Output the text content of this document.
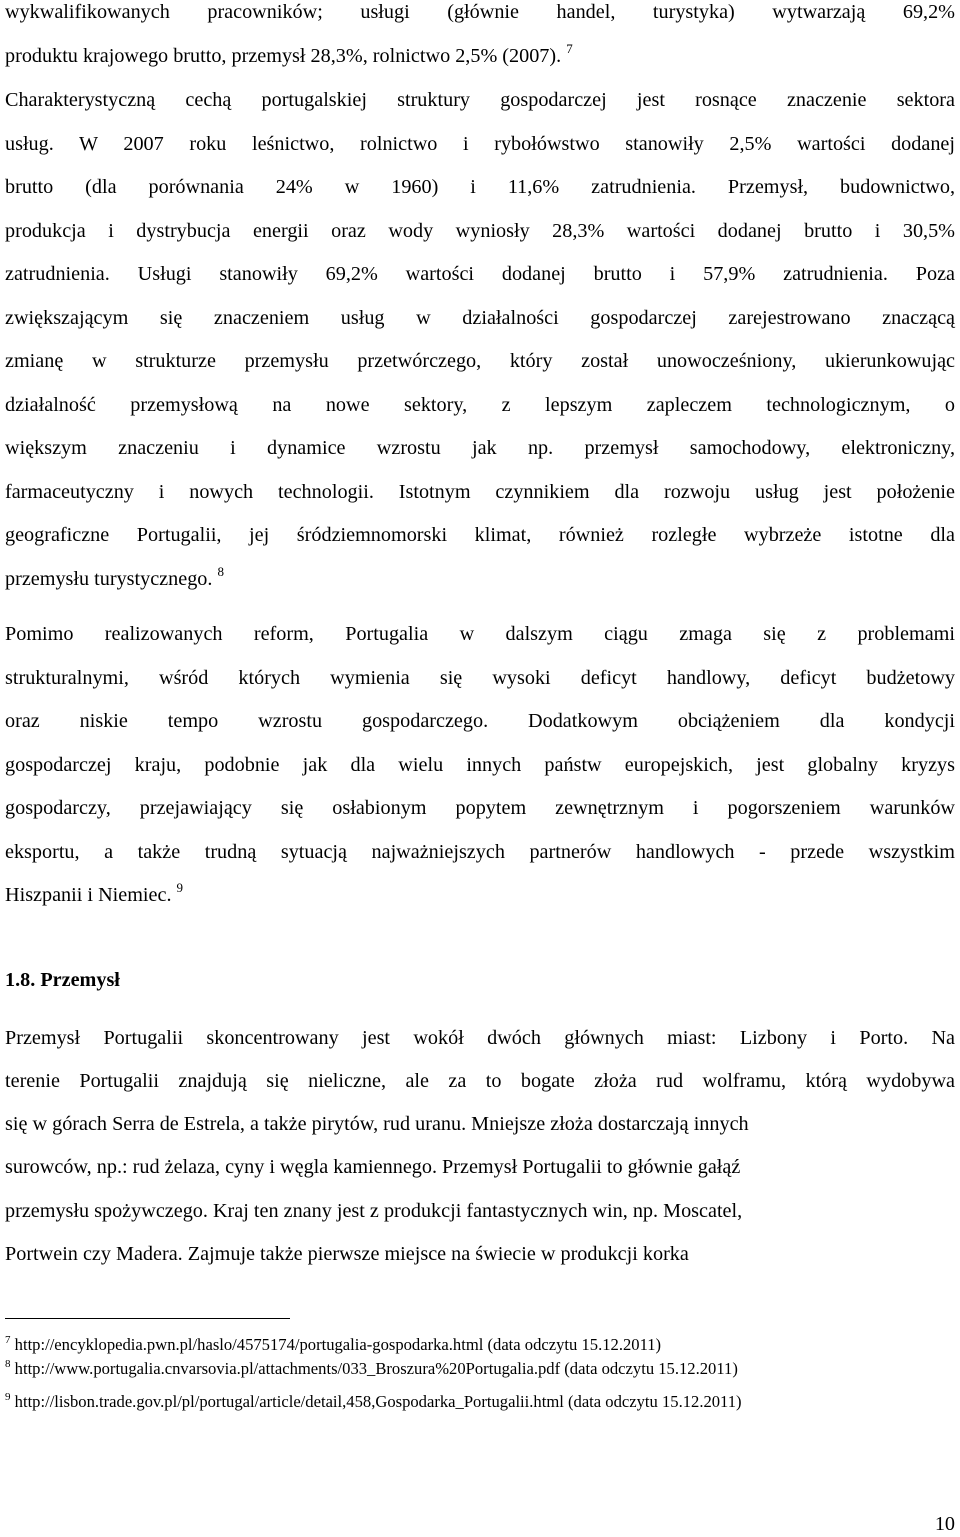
wykwalifikowanych pracowników; usługi (głównie handel, turystyka) wytwarzają 69,2%
produktu krajowego brutto, przemysł 28,3%, rolnictwo 2,5% (2007). $^7$
Charakterystyczną cechą portugalskiej struktury gospodarczej jest rosnące znaczenie sektora
usług. W 2007 roku leśnictwo, rolnictwo i rybołówstwo stanowiły 2,5% wartości dodanej
brutto (dla porównania 24% w 1960) i 11,6% zatrudnienia. Przemysł, budownictwo,
produkcja i dystrybucja energii oraz wody wyniosły 28,3% wartości dodanej brutto i 30,5%
zatrudnienia. Usługi stanowiły 69,2% wartości dodanej brutto i 57,9% zatrudnienia. Poza
zwiększającym się znaczeniem usług w działalności gospodarczej zarejestrowano znaczącą
zmianę w strukturze przemysłu przetwórczego, który został unowocześniony, ukierunkowując
działalność przemysłową na nowe sektory, z lepszym zapleczem technologicznym, o
większym znaczeniu i dynamice wzrostu jak np. przemysł samochodowy, elektroniczny,
farmaceutyczny i nowych technologii. Istotnym czynnikiem dla rozwoju usług jest położenie
geograficzne Portugalii, jej śródziemnomorski klimat, również rozległe wybrzeże istotne dla
przemysłu turystycznego. $^8$
Pomimo realizowanych reform, Portugalia w dalszym ciągu zmaga się z problemami
strukturalnymi, wśród których wymienia się wysoki deficyt handlowy, deficyt budżetowy
oraz niskie tempo wzrostu gospodarczego. Dodatkowym obciążeniem dla kondycji
gospodarczej kraju, podobnie jak dla wielu innych państw europejskich, jest globalny kryzys
gospodarczy, przejawiający się osłabionym popytem zewnętrznym i pogorszeniem warunków
eksportu, a także trudną sytuacją najważniejszych partnerów handlowych - przede wszystkim
Hiszpanii i Niemiec. $^9$
Przemysł Portugalii skoncentrowany jest wokół dwóch głównych miast: Lizbony i Porto. Na
terenie Portugalii znajdują się nieliczne, ale za to bogate złoża rud wolframu, którą wydobywa
się w górach Serra de Estrela, a także pirytów, rud uranu. Mniejsze złoża dostarczają innych
surowców, np.: rud żelaza, cyny i węgla kamiennego. Przemysł Portugalii to głównie gałąź
przemysłu spożywczego. Kraj ten znany jest z produkcji fantastycznych win, np. Moscatel,
Portwein czy Madera. Zajmuje także pierwsze miejsce na świecie w produkcji korka
1.8. Przemysł
$^7$ http://encyklopedia.pwn.pl/haslo/4575174/portugalia-gospodarka.html (data odczytu 15.12.2011)
$^8$ http://www.portugalia.cnvarsovia.pl/attachments/033_Broszura%20Portugalia.pdf (data odczytu 15.12.2011)
$^9$ http://lisbon.trade.gov.pl/pl/portugal/article/detail,458,Gospodarka_Portugalii.html (data odczytu 15.12.2011)
10
